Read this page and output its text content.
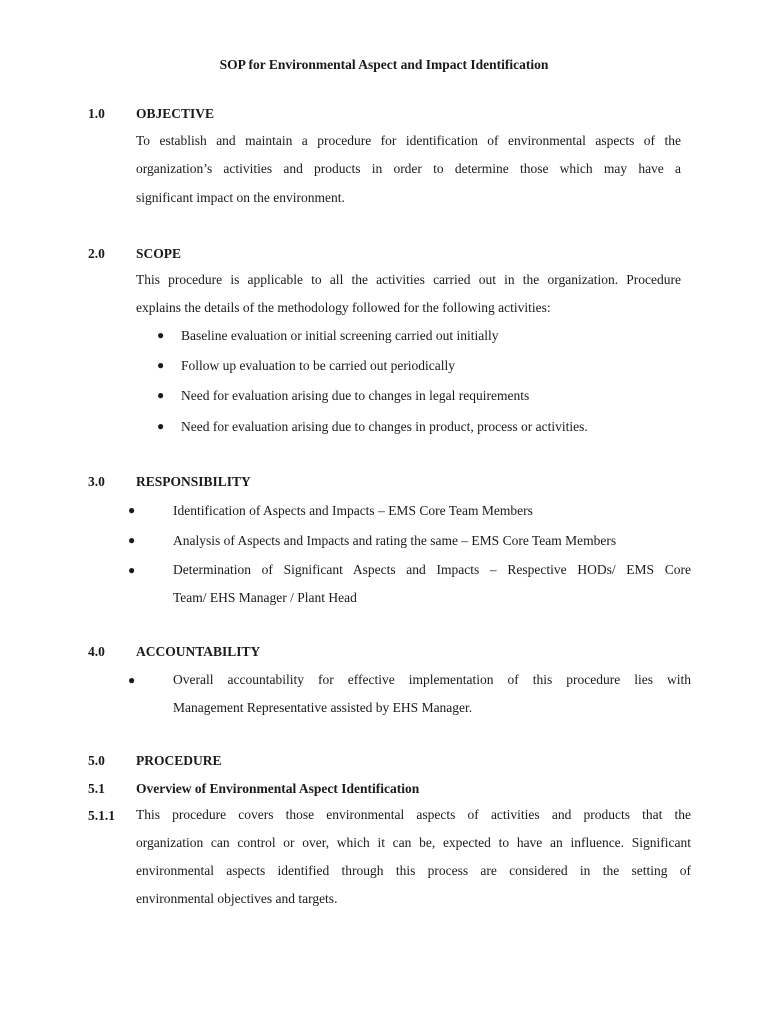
SOP for Environmental Aspect and Impact Identification
1.0 OBJECTIVE
To establish and maintain a procedure for identification of environmental aspects of the
organization’s activities and products in order to determine those which may have a
significant impact on the environment.
2.0 SCOPE
This procedure is applicable to all the activities carried out in the organization. Procedure
explains the details of the methodology followed for the following activities:
● Baseline evaluation or initial screening carried out initially
● Follow up evaluation to be carried out periodically
● Need for evaluation arising due to changes in legal requirements
● Need for evaluation arising due to changes in product, process or activities.
3.0 RESPONSIBILITY
●	Identification of Aspects and Impacts – EMS Core Team Members
●	Analysis of Aspects and Impacts and rating the same – EMS Core Team Members
●	Determination of Significant Aspects and Impacts – Respective HODs/ EMS Core
Team/ EHS Manager / Plant Head
4.0 ACCOUNTABILITY
●	Overall accountability for effective implementation of this procedure lies with
Management Representative assisted by EHS Manager.
5.0 PROCEDURE
5.1 Overview of Environmental Aspect Identification
5.1.1 This procedure covers those environmental aspects of activities and products that the
organization can control or over, which it can be, expected to have an influence. Significant
environmental aspects identified through this process are considered in the setting of
environmental objectives and targets.
